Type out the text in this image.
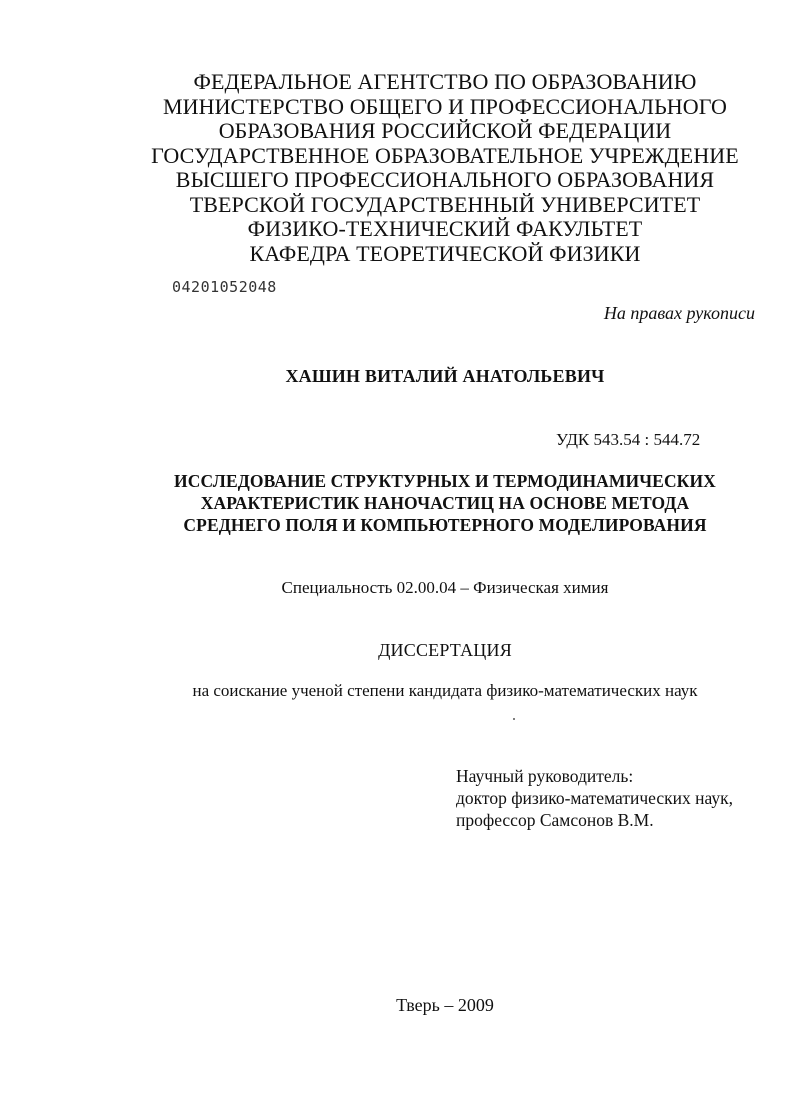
ФЕДЕРАЛЬНОЕ АГЕНТСТВО ПО ОБРАЗОВАНИЮ
МИНИСТЕРСТВО ОБЩЕГО И ПРОФЕССИОНАЛЬНОГО
ОБРАЗОВАНИЯ РОССИЙСКОЙ ФЕДЕРАЦИИ
ГОСУДАРСТВЕННОЕ ОБРАЗОВАТЕЛЬНОЕ УЧРЕЖДЕНИЕ
ВЫСШЕГО ПРОФЕССИОНАЛЬНОГО ОБРАЗОВАНИЯ
ТВЕРСКОЙ ГОСУДАРСТВЕННЫЙ УНИВЕРСИТЕТ
ФИЗИКО-ТЕХНИЧЕСКИЙ ФАКУЛЬТЕТ
КАФЕДРА ТЕОРЕТИЧЕСКОЙ ФИЗИКИ
04201052048
На правах рукописи
ХАШИН ВИТАЛИЙ АНАТОЛЬЕВИЧ
УДК 543.54 : 544.72
ИССЛЕДОВАНИЕ СТРУКТУРНЫХ И ТЕРМОДИНАМИЧЕСКИХ
ХАРАКТЕРИСТИК НАНОЧАСТИЦ НА ОСНОВЕ МЕТОДА
СРЕДНЕГО ПОЛЯ И КОМПЬЮТЕРНОГО МОДЕЛИРОВАНИЯ
Специальность 02.00.04 – Физическая химия
ДИССЕРТАЦИЯ
на соискание ученой степени кандидата физико-математических наук
Научный руководитель:
доктор физико-математических наук,
профессор Самсонов В.М.
Тверь – 2009
